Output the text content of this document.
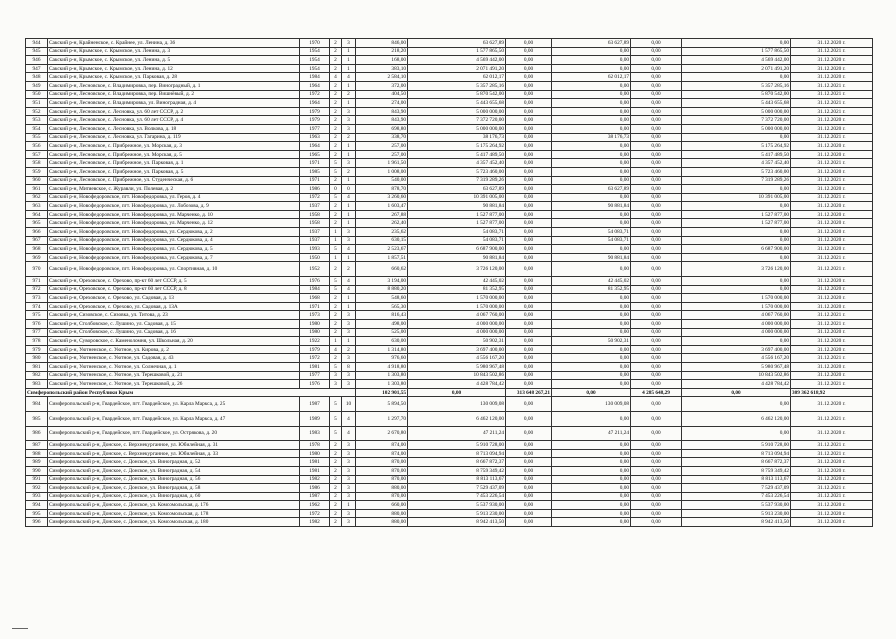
944	Сакский р-н, Крайненское, с. Крайнее, ул. Ленина, д. 36	1970	2	3	846,00	63 627,89	0,00	63 627,89	0,00	0,00	31.12.2020 г.
945	Сакский р-н, Крымское, с. Крымское, ул. Ленина, д. 3	1954	2	1	218,20	1 577 865,50	0,00	0,00	0,00	1 577 865,50	31.12.2021 г.
946	Сакский р-н, Крымское, с. Крымское, ул. Ленина, д. 5	1954	2	1	168,00	4 569 442,00	0,00	0,00	0,00	4 569 442,00	31.12.2020 г.
947	Сакский р-н, Крымское, с. Крымское, ул. Ленина, д. 12	1954	2	1	383,10	2 071 491,20	0,00	0,00	0,00	2 071 491,20	31.12.2020 г.
948	Сакский р-н, Крымское, с. Крымское, ул. Парковая, д. 28	1984	4	4	2 584,10	62 012,17	0,00	62 012,17	0,00	0,00	31.12.2020 г.
949	Сакский р-н, Лесновское, с. Владимировка, пер. Виноградный, д. 1	1964	2	1	372,00	5 357 285,16	0,00	0,00	0,00	5 357 285,16	31.12.2021 г.
950	Сакский р-н, Лесновское, с. Владимировка, пер. Вишнёвый, д. 2	1972	2	2	404,50	5 870 542,00	0,00	0,00	0,00	5 870 542,00	31.12.2021 г.
951	Сакский р-н, Лесновское, с. Владимировка, ул. Виноградная, д. 4	1964	2	1	274,00	5 443 655,68	0,00	0,00	0,00	5 443 655,68	31.12.2021 г.
952	Сакский р-н, Лесновское, с. Лесновка, ул. 60 лет СССР, д. 2	1979	2	3	843,90	5 000 000,00	0,00	0,00	0,00	5 000 000,00	31.12.2021 г.
953	Сакский р-н, Лесновское, с. Лесновка, ул. 60 лет СССР, д. 4	1979	2	3	843,90	7 372 720,00	0,00	0,00	0,00	7 372 720,00	31.12.2020 г.
954	Сакский р-н, Лесновское, с. Лесновка, ул. Волкова, д. 18	1977	2	3	698,80	5 000 000,00	0,00	0,00	0,00	5 000 000,00	31.12.2020 г.
955	Сакский р-н, Лесновское, с. Лесновка, ул. Гагарина, д. 119	1963	2	2	338,70	38 176,73	0,00	38 176,73	0,00	0,00	31.12.2021 г.
956	Сакский р-н, Лесновское, с. Прибрежное, ул. Морская, д. 3	1964	2	1	257,00	5 175 264,92	0,00	0,00	0,00	5 175 264,92	31.12.2020 г.
957	Сакский р-н, Лесновское, с. Прибрежное, ул. Морская, д. 5	1965	2	1	257,00	5 417 489,50	0,00	0,00	0,00	5 417 489,50	31.12.2020 г.
958	Сакский р-н, Лесновское, с. Прибрежное, ул. Парковая, д. 1	1971	5	3	1 961,50	4 357 452,40	0,00	0,00	0,00	4 357 452,40	31.12.2021 г.
959	Сакский р-н, Лесновское, с. Прибрежное, ул. Парковая, д. 5	1985	5	2	1 008,00	5 723 460,00	0,00	0,00	0,00	5 723 460,00	31.12.2020 г.
960	Сакский р-н, Лесновское, с. Прибрежное, ул. Студенческая, д. 6	1971	2	1	540,00	7 319 289,26	0,00	0,00	0,00	7 319 289,26	31.12.2021 г.
961	Сакский р-н, Митяевское, с. Журавли, ул. Полевая, д. 2	1986	0	0	878,70	63 627,89	0,00	63 627,89	0,00	0,00	31.12.2020 г.
962	Сакский р-н, Новофедоровское, пгт. Новофедоровка, ул. Героя, д. 4	1972	5	4	3 260,60	10 391 005,00	0,00	0,00	0,00	10 391 005,00	31.12.2021 г.
963	Сакский р-н, Новофедоровское, пгт. Новофедоровка, ул. Лобозова, д. 9	1937	2	1	1 603,47	90 881,84	0,00	90 881,84	0,00	0,00	31.12.2020 г.
964	Сакский р-н, Новофедоровское, пгт. Новофедоровка, ул. Марченко, д. 10	1958	2	1	267,88	1 527 877,00	0,00	0,00	0,00	1 527 877,00	31.12.2020 г.
965	Сакский р-н, Новофедоровское, пгт. Новофедоровка, ул. Марченко, д. 12	1958	2	1	262,40	1 527 877,00	0,00	0,00	0,00	1 527 877,00	31.12.2020 г.
966	Сакский р-н, Новофедоровское, пгт. Новофедоровка, ул. Сердюкова, д. 2	1937	1	3	235,62	54 083,71	0,00	54 083,71	0,00	0,00	31.12.2020 г.
967	Сакский р-н, Новофедоровское, пгт. Новофедоровка, ул. Сердюкова, д. 4	1937	1	3	630,15	54 083,71	0,00	54 083,71	0,00	0,00	31.12.2020 г.
968	Сакский р-н, Новофедоровское, пгт. Новофедоровка, ул. Сердюкова, д. 5	1993	5	4	2 523,67	6 687 900,00	0,00	0,00	0,00	6 687 900,00	31.12.2020 г.
969	Сакский р-н, Новофедоровское, пгт. Новофедоровка, ул. Сердюкова, д. 7	1950	1	1	1 857,51	90 881,84	0,00	90 881,84	0,00	0,00	31.12.2021 г.
970	Сакский р-н, Новофедоровское, пгт. Новофедоровка, ул. Спортивная, д. 10	1952	2	2	660,62	3 726 120,00	0,00	0,00	0,00	3 726 120,00	31.12.2021 г.
971	Сакский р-н, Ореховское, с. Орехово, пр-кт 60 лет СССР, д. 5	1976	5	4	3 194,00	42 445,02	0,00	42 445,02	0,00	0,00	31.12.2020 г.
972	Сакский р-н, Ореховское, с. Орехово, пр-кт 60 лет СССР, д. 8	1984	5	4	8 880,20	81 352,95	0,00	81 352,95	0,00	0,00	31.12.2020 г.
973	Сакский р-н, Ореховское, с. Орехово, ул. Садовая, д. 13	1968	2	1	548,60	1 570 000,00	0,00	0,00	0,00	1 570 000,00	31.12.2020 г.
974	Сакский р-н, Ореховское, с. Орехово, ул. Садовая, д. 13А	1971	2	1	565,30	1 570 000,00	0,00	0,00	0,00	1 570 000,00	31.12.2020 г.
975	Сакский р-н, Сизовское, с. Сизовка, ул. Титова, д. 23	1973	2	3	816,43	4 067 760,00	0,00	0,00	0,00	4 067 760,00	31.12.2021 г.
976	Сакский р-н, Столбовское, с. Лушино, ул. Садовая, д. 15	1980	2	3	498,00	4 000 000,00	0,00	0,00	0,00	4 000 000,00	31.12.2021 г.
977	Сакский р-н, Столбовское, с. Лушино, ул. Садовая, д. 16	1980	2	3	525,00	4 000 000,00	0,00	0,00	0,00	4 000 000,00	31.12.2020 г.
978	Сакский р-н, Суворовское, с. Каменоломня, ул. Школьная, д. 20	1922	1	1	630,00	50 902,31	0,00	50 902,31	0,00	0,00	31.12.2020 г.
979	Сакский р-н, Уютненское, с. Уютное, ул. Кирова, д. 2	1979	4	2	1 314,80	3 697 400,00	0,00	0,00	0,00	3 697 400,00	31.12.2020 г.
980	Сакский р-н, Уютненское, с. Уютное, ул. Садовая, д. 43	1972	2	3	976,60	4 556 167,20	0,00	0,00	0,00	4 556 167,20	31.12.2021 г.
981	Сакский р-н, Уютненское, с. Уютное, ул. Солнечная, д. 1	1981	5	8	4 918,80	5 980 967,48	0,00	0,00	0,00	5 980 967,48	31.12.2020 г.
982	Сакский р-н, Уютненское, с. Уютное, ул. Терешковой, д. 21	1977	3	3	1 303,80	10 843 502,86	0,00	0,00	0,00	10 843 502,86	31.12.2020 г.
983	Сакский р-н, Уютненское, с. Уютное, ул. Терешковой, д. 26	1976	3	3	1 303,80	4 428 784,42	0,00	0,00	0,00	4 428 784,42	31.12.2021 г.
Симферопольский район Республики Крым					102 901,55	0,00	313 648 267,21	0,00	4 285 648,29	0,00	309 362 618,92
984	Симферопольский р-н, Гвардейское, пгт. Гвардейское, ул. Карла Маркса, д. 25	1987	5	10	5 894,50	130 009,08	0,00	130 009,08	0,00	0,00	31.12.2020 г.
985	Симферопольский р-н, Гвардейское, пгт. Гвардейское, ул. Карла Маркса, д. 47	1989	5	4	1 297,70	6 462 120,00	0,00	0,00	0,00	6 462 120,00	31.12.2021 г.
986	Симферопольский р-н, Гвардейское, пгт. Гвардейское, ул. Острякова, д. 20	1983	5	4	2 670,80	47 211,24	0,00	47 211,24	0,00	0,00	31.12.2020 г.
987	Симферопольский р-н, Донское, с. Верхнекурганное, ул. Юбилейная, д. 31	1978	2	3	874,00	5 910 728,00	0,00	0,00	0,00	5 910 728,00	31.12.2021 г.
988	Симферопольский р-н, Донское, с. Верхнекурганное, ул. Юбилейная, д. 33	1980	2	3	874,00	8 713 094,94	0,00	0,00	0,00	8 713 094,94	31.12.2021 г.
989	Симферопольский р-н, Донское, с. Донское, ул. Виноградная, д. 52	1981	2	3	870,00	8 667 872,37	0,00	0,00	0,00	8 667 872,37	31.12.2020 г.
990	Симферопольский р-н, Донское, с. Донское, ул. Виноградная, д. 54	1981	2	3	870,00	8 759 349,42	0,00	0,00	0,00	8 759 349,42	31.12.2020 г.
991	Симферопольский р-н, Донское, с. Донское, ул. Виноградная, д. 56	1982	2	3	870,00	8 813 113,67	0,00	0,00	0,00	8 813 113,67	31.12.2020 г.
992	Симферопольский р-н, Донское, с. Донское, ул. Виноградная, д. 58	1986	2	3	880,00	7 529 437,09	0,00	0,00	0,00	7 529 437,09	31.12.2021 г.
993	Симферопольский р-н, Донское, с. Донское, ул. Виноградная, д. 60	1987	2	3	870,00	7 453 226,54	0,00	0,00	0,00	7 453 226,54	31.12.2021 г.
994	Симферопольский р-н, Донское, с. Донское, ул. Комсомольская, д. 176	1962	2	1	660,00	5 537 930,00	0,00	0,00	0,00	5 537 930,00	31.12.2020 г.
995	Симферопольский р-н, Донское, с. Донское, ул. Комсомольская, д. 178	1972	2	3	880,00	5 913 230,00	0,00	0,00	0,00	5 913 230,00	31.12.2020 г.
996	Симферопольский р-н, Донское, с. Донское, ул. Комсомольская, д. 180	1982	2	3	880,00	8 942 413,50	0,00	0,00	0,00	8 942 413,50	31.12.2020 г.
